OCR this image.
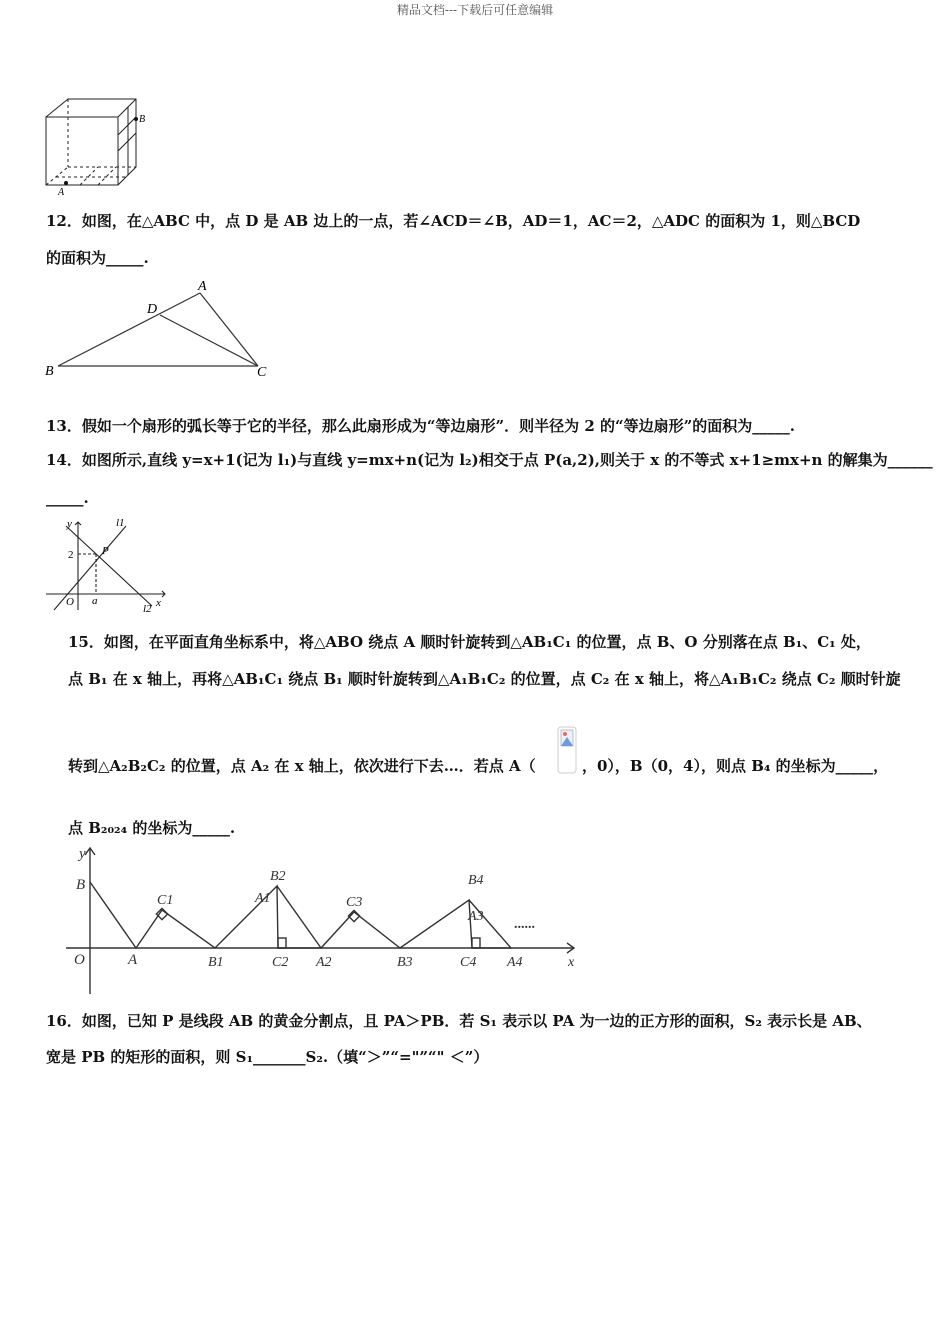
精品文档---下载后可任意编辑
B
A
12．如图，在△ABC 中，点 D 是 AB 边上的一点，若∠ACD＝∠B，AD＝1，AC＝2，△ADC 的面积为 1，则△BCD
的面积为_____.
A
D
B	C
13．假如一个扇形的弧长等于它的半径，那么此扇形成为“等边扇形”．则半径为 2 的“等边扇形”的面积为_____.
14．如图所示,直线 y=x+1(记为 l₁)与直线 y=mx+n(记为 l₂)相交于点 P(a,2),则关于 x 的不等式 x+1≥mx+n 的解集为______
_____.
y	l1
2	P
O a
l2 x
15．如图，在平面直角坐标系中，将△ABO 绕点 A 顺时针旋转到△AB₁C₁ 的位置，点 B、O 分别落在点 B₁、C₁ 处，
点 B₁ 在 x 轴上，再将△AB₁C₁ 绕点 B₁ 顺时针旋转到△A₁B₁C₂ 的位置，点 C₂ 在 x 轴上，将△A₁B₁C₂ 绕点 C₂ 顺时针旋
转到△A₂B₂C₂ 的位置，点 A₂ 在 x 轴上，依次进行下去…．若点 A（	，0），B（0，4），则点 B₄ 的坐标为_____，
点 B₂₀₂₄ 的坐标为_____.
y
B
O	A
C1
B1
B2
A1
C2 A2
C3
B3
B4
A3
C4 A4	x
......
16．如图，已知 P 是线段 AB 的黄金分割点，且 PA＞PB．若 S₁ 表示以 PA 为一边的正方形的面积，S₂ 表示长是 AB、
宽是 PB 的矩形的面积，则 S₁_______S₂.（填“＞”“="”“" ＜”）
